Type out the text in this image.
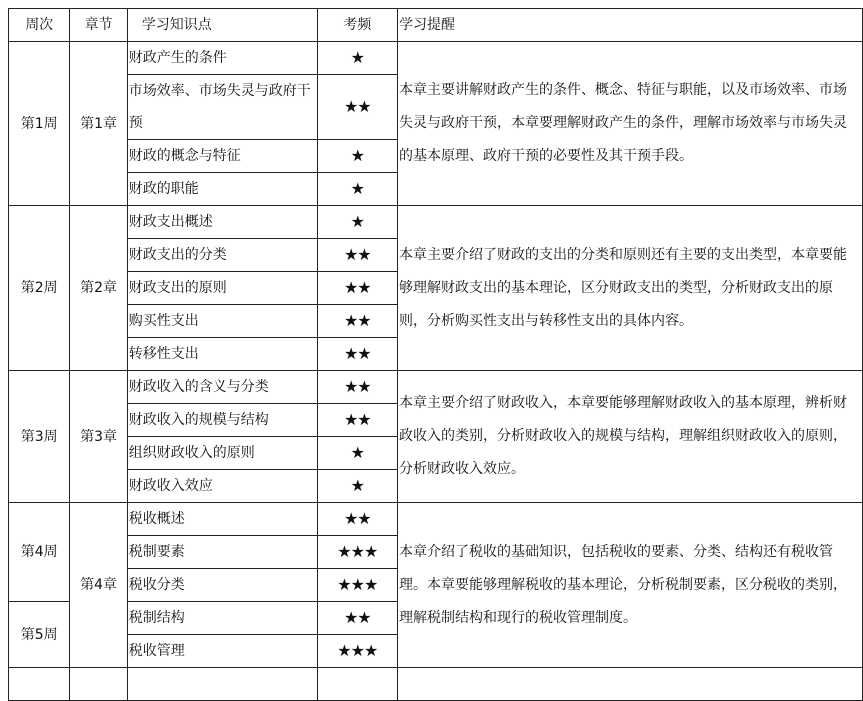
周次	章节	学习知识点	考频	学习提醒
第1周	第1章	财政产生的条件	★	本章主要讲解财政产生的条件、概念、特征与职能，以及市场效率、市场失灵与政府干预，本章要理解财政产生的条件，理解市场效率与市场失灵的基本原理、政府干预的必要性及其干预手段。
		市场效率、市场失灵与政府干预	★★	
		财政的概念与特征	★	
		财政的职能	★	
第2周	第2章	财政支出概述	★	本章主要介绍了财政的支出的分类和原则还有主要的支出类型，本章要能够理解财政支出的基本理论，区分财政支出的类型，分析财政支出的原则，分析购买性支出与转移性支出的具体内容。
		财政支出的分类	★★	
		财政支出的原则	★★	
		购买性支出	★★	
		转移性支出	★★	
第3周	第3章	财政收入的含义与分类	★★	本章主要介绍了财政收入，本章要能够理解财政收入的基本原理，辨析财政收入的类别，分析财政收入的规模与结构，理解组织财政收入的原则，分析财政收入效应。
		财政收入的规模与结构	★★	
		组织财政收入的原则	★	
		财政收入效应	★	
第4周	第4章	税收概述	★★	本章介绍了税收的基础知识，包括税收的要素、分类、结构还有税收管理。本章要能够理解税收的基本理论，分析税制要素，区分税收的类别，理解税制结构和现行的税收管理制度。
		税制要素	★★★	
		税收分类	★★★	
第5周		税制结构	★★	
		税收管理	★★★	
